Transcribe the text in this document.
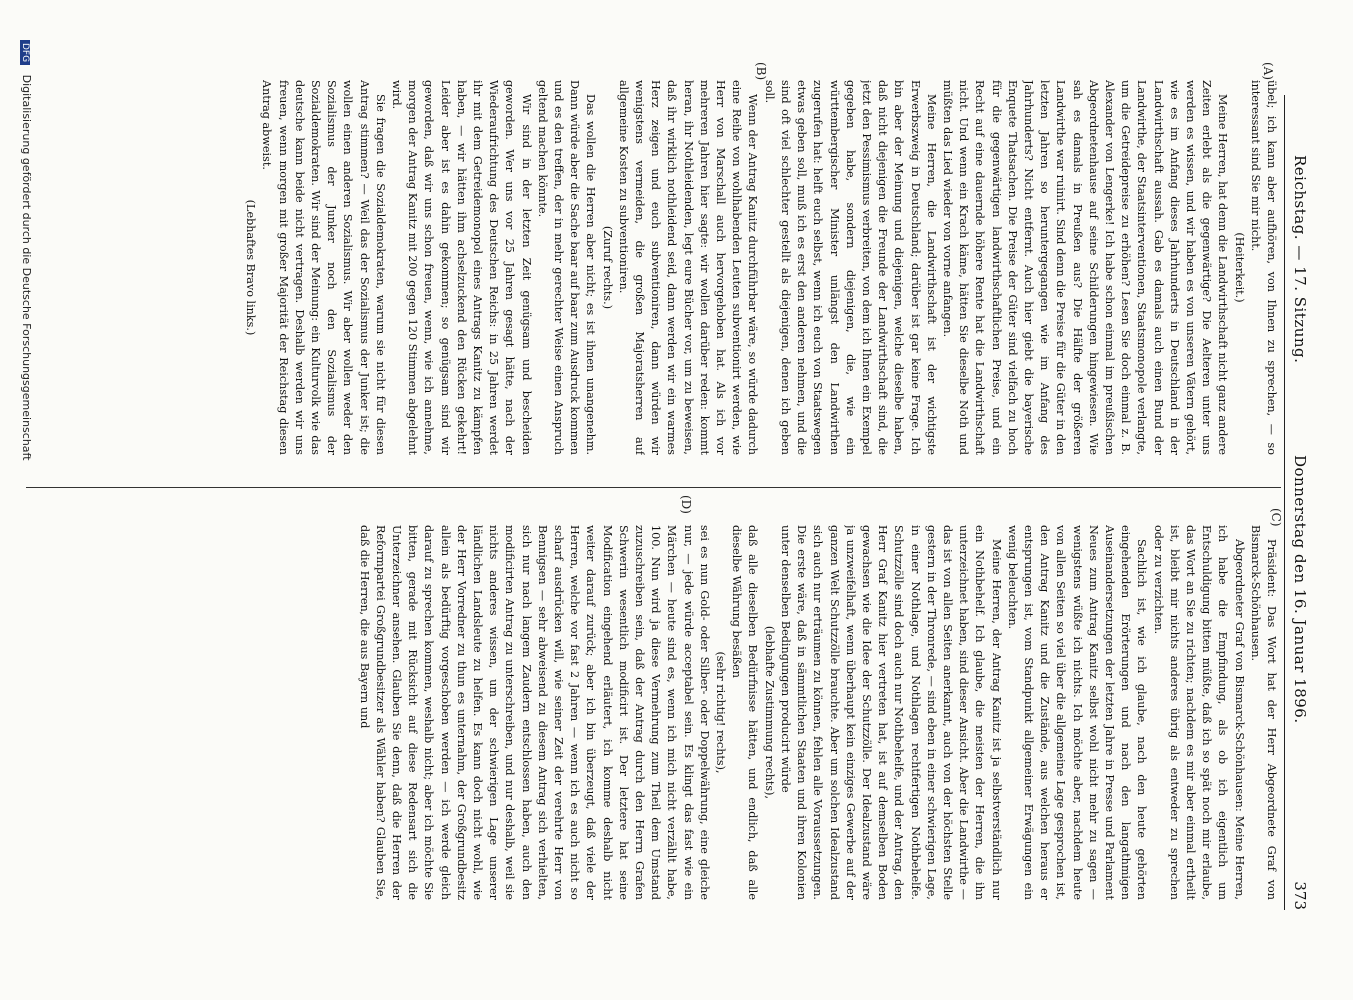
Reichstag. — 17. Sitzung.
Donnerstag den 16. Januar 1896.
373
(A)
(B)
(C)
(D)

übel; ich kann aber aufhören, von Ihnen zu sprechen, — so interessant sind Sie mir nicht.

(Heiterkeit.)

Meine Herren, hat denn die Landwirthschaft nicht ganz andere Zeiten erlebt als die gegenwärtige? Die Aelteren unter uns werden es wissen, und wir haben es von unseren Vätern gehört, wie es im Anfang dieses Jahrhunderts in Deutschland in der Landwirthschaft aussah. Gab es damals auch einen Bund der Landwirthe, der Staatsinterventionen, Staatsmonopole verlangte, um die Getreidepreise zu erhöhen? Lesen Sie doch einmal z. B. Alexander von Lengerke! Ich habe schon einmal im preußischen Abgeordnetenhause auf seine Schilderungen hingewiesen. Wie sah es damals in Preußen aus? Die Hälfte der größeren Landwirthe war ruinirt. Sind denn die Preise für die Güter in den letzten Jahren so heruntergegangen wie im Anfang des Jahrhunderts? Nicht entfernt. Auch hier giebt die bayerische Enquete Thatsachen. Die Preise der Güter sind vielfach zu hoch für die gegenwärtigen landwirthschaftlichen Preise, und ein Recht auf eine dauernde höhere Rente hat die Landwirthschaft nicht. Und wenn ein Krach käme, hätten Sie dieselbe Noth und müßten das Lied wieder von vorne anfangen.

Meine Herren, die Landwirthschaft ist der wichtigste Erwerbszweig in Deutschland; darüber ist gar keine Frage. Ich bin aber der Meinung und diejenigen, welche dieselbe haben, daß nicht diejenigen die Freunde der Landwirthschaft sind, die jetzt den Pessimismus verbreiten, von dem ich Ihnen ein Exempel gegeben habe, sondern diejenigen, die, wie ein württembergischer Minister unlängst den Landwirthen zugerufen hat: helft euch selbst, wenn ich euch von Staatswegen etwas geben soll, muß ich es erst den anderen nehmen, und die sind oft viel schlechter gestellt als diejenigen, denen ich geben soll.

Wenn der Antrag Kanitz durchführbar wäre, so würde dadurch eine Reihe von wohlhabenden Leuten subventionirt werden, wie Herr von Marschall auch hervorgehoben hat. Als ich vor mehreren Jahren hier sagte: wir wollen darüber reden: kommt heran, ihr Nothleidenden, legt eure Bücher vor, um zu beweisen, daß ihr wirklich nothleidend seid, dann werden wir ein warmes Herz zeigen und euch subventioniren, dann würden wir wenigstens vermeiden, die großen Majoratsherren auf allgemeine Kosten zu subventioniren.

(Zuruf rechts.)

Das wollen die Herren aber nicht; es ist ihnen unangenehm. Dann würde aber die Sache baar auf baar zum Ausdruck kommen und es den treffen, der in mehr gerechter Weise einen Anspruch geltend machen könnte.

Wir sind in der letzten Zeit genügsam und bescheiden geworden. Wer uns vor 25 Jahren gesagt hätte, nach der Wiederaufrichtung des Deutschen Reichs: in 25 Jahren werdet ihr mit dem Getreidemonopol eines Antrags Kanitz zu kämpfen haben, — wir hätten ihm achselzuckend den Rücken gekehrt! Leider aber ist es dahin gekommen; so genügsam sind wir geworden, daß wir uns schon freuen, wenn, wie ich annehme, morgen der Antrag Kanitz mit 200 gegen 120 Stimmen abgelehnt wird.

Sie fragen die Sozialdemokraten, warum sie nicht für diesen Antrag stimmen? — Weil das der Sozialismus der Junker ist; die wollen einen anderen Sozialismus. Wir aber wollen weder den Sozialismus der Junker noch den Sozialismus der Sozialdemokraten. Wir sind der Meinung: ein Kulturvolk wie das deutsche kann beide nicht vertragen. Deshalb werden wir uns freuen, wenn morgen mit großer Majorität der Reichstag diesen Antrag abweist.

(Lebhaftes Bravo links.)

Präsident: Das Wort hat der Herr Abgeordnete Graf von Bismarck-Schönhausen.

Abgeordneter Graf von Bismarck-Schönhausen: Meine Herren, ich habe die Empfindung, als ob ich eigentlich um Entschuldigung bitten müßte, daß ich so spät noch mir erlaube, das Wort an Sie zu richten; nachdem es mir aber einmal ertheilt ist, bleibt mir nichts anderes übrig als entweder zu sprechen oder zu verzichten.

Sachlich ist, wie ich glaube, nach den heute gehörten eingehenden Erörterungen und nach den langathmigen Auseinandersetzungen der letzten Jahre in Presse und Parlament Neues zum Antrag Kanitz selbst wohl nicht mehr zu sagen — wenigstens wüßte ich nichts. Ich möchte aber, nachdem heute von allen Seiten so viel über die allgemeine Lage gesprochen ist, den Antrag Kanitz und die Zustände, aus welchen heraus er entsprungen ist, vom Standpunkt allgemeiner Erwägungen ein wenig beleuchten.

Meine Herren, der Antrag Kanitz ist ja selbstverständlich nur ein Nothbehelf. Ich glaube, die meisten der Herren, die ihn unterzeichnet haben, sind dieser Ansicht. Aber die Landwirthe — das ist von allen Seiten anerkannt, auch von der höchsten Stelle gestern in der Thronrede, — sind eben in einer schwierigen Lage, in einer Nothlage, und Nothlagen rechtfertigen Nothbehelfe. Schutzzölle sind doch auch nur Nothbehelfe, und der Antrag, den Herr Graf Kanitz hier vertreten hat, ist auf demselben Boden gewachsen wie die Idee der Schutzzölle. Der Idealzustand wäre ja unzweifelhaft, wenn überhaupt kein einziges Gewerbe auf der ganzen Welt Schutzzölle brauchte. Aber um solchen Idealzustand sich auch nur erträumen zu können, fehlen alle Voraussetzungen. Die erste wäre, daß in sämmtlichen Staaten und ihren Kolonien unter denselben Bedingungen producirt würde

(lebhafte Zustimmung rechts),

daß alle dieselben Bedürfnisse hätten, und endlich, daß alle dieselbe Währung besäßen

(sehr richtig! rechts),

sei es nun Gold- oder Silber- oder Doppelwährung, eine gleiche nur, — jede würde acceptabel sein. Es klingt das fast wie ein Märchen — heute sind es, wenn ich mich nicht verzählt habe, 100. Nun wird ja diese Vermehrung zum Theil dem Umstand zuzuschreiben sein, daß der Antrag durch den Herrn Grafen Schwerin wesentlich modificirt ist. Der letztere hat seine Modification eingehend erläutert, ich komme deshalb nicht weiter darauf zurück; aber ich bin überzeugt, daß viele der Herren, welche vor fast 2 Jahren — wenn ich es auch nicht so scharf ausdrücken will, wie seiner Zeit der verehrte Herr von Bennigsen — sehr abweisend zu diesem Antrag sich verhielten, sich nur nach langem Zaudern entschlossen haben, auch den modificirten Antrag zu unterschreiben, und nur deshalb, weil sie nichts anderes wissen, um der schwierigen Lage unserer ländlichen Landsleute zu helfen. Es kann doch nicht wohl, wie der Herr Vorredner zu thun es unternahm, der Großgrundbesitz allein als bedürftig vorgeschoben werden — ich werde gleich darauf zu sprechen kommen, weshalb nicht; aber ich möchte Sie bitten, gerade mit Rücksicht auf diese Redensart sich die Unterzeichner ansehen. Glauben Sie denn, daß die Herren der Reformpartei Großgrundbesitzer als Wähler haben? Glauben Sie, daß die Herren, die aus Bayern und

DFG Digitalisierung gefördert durch die Deutsche Forschungsgemeinschaft
